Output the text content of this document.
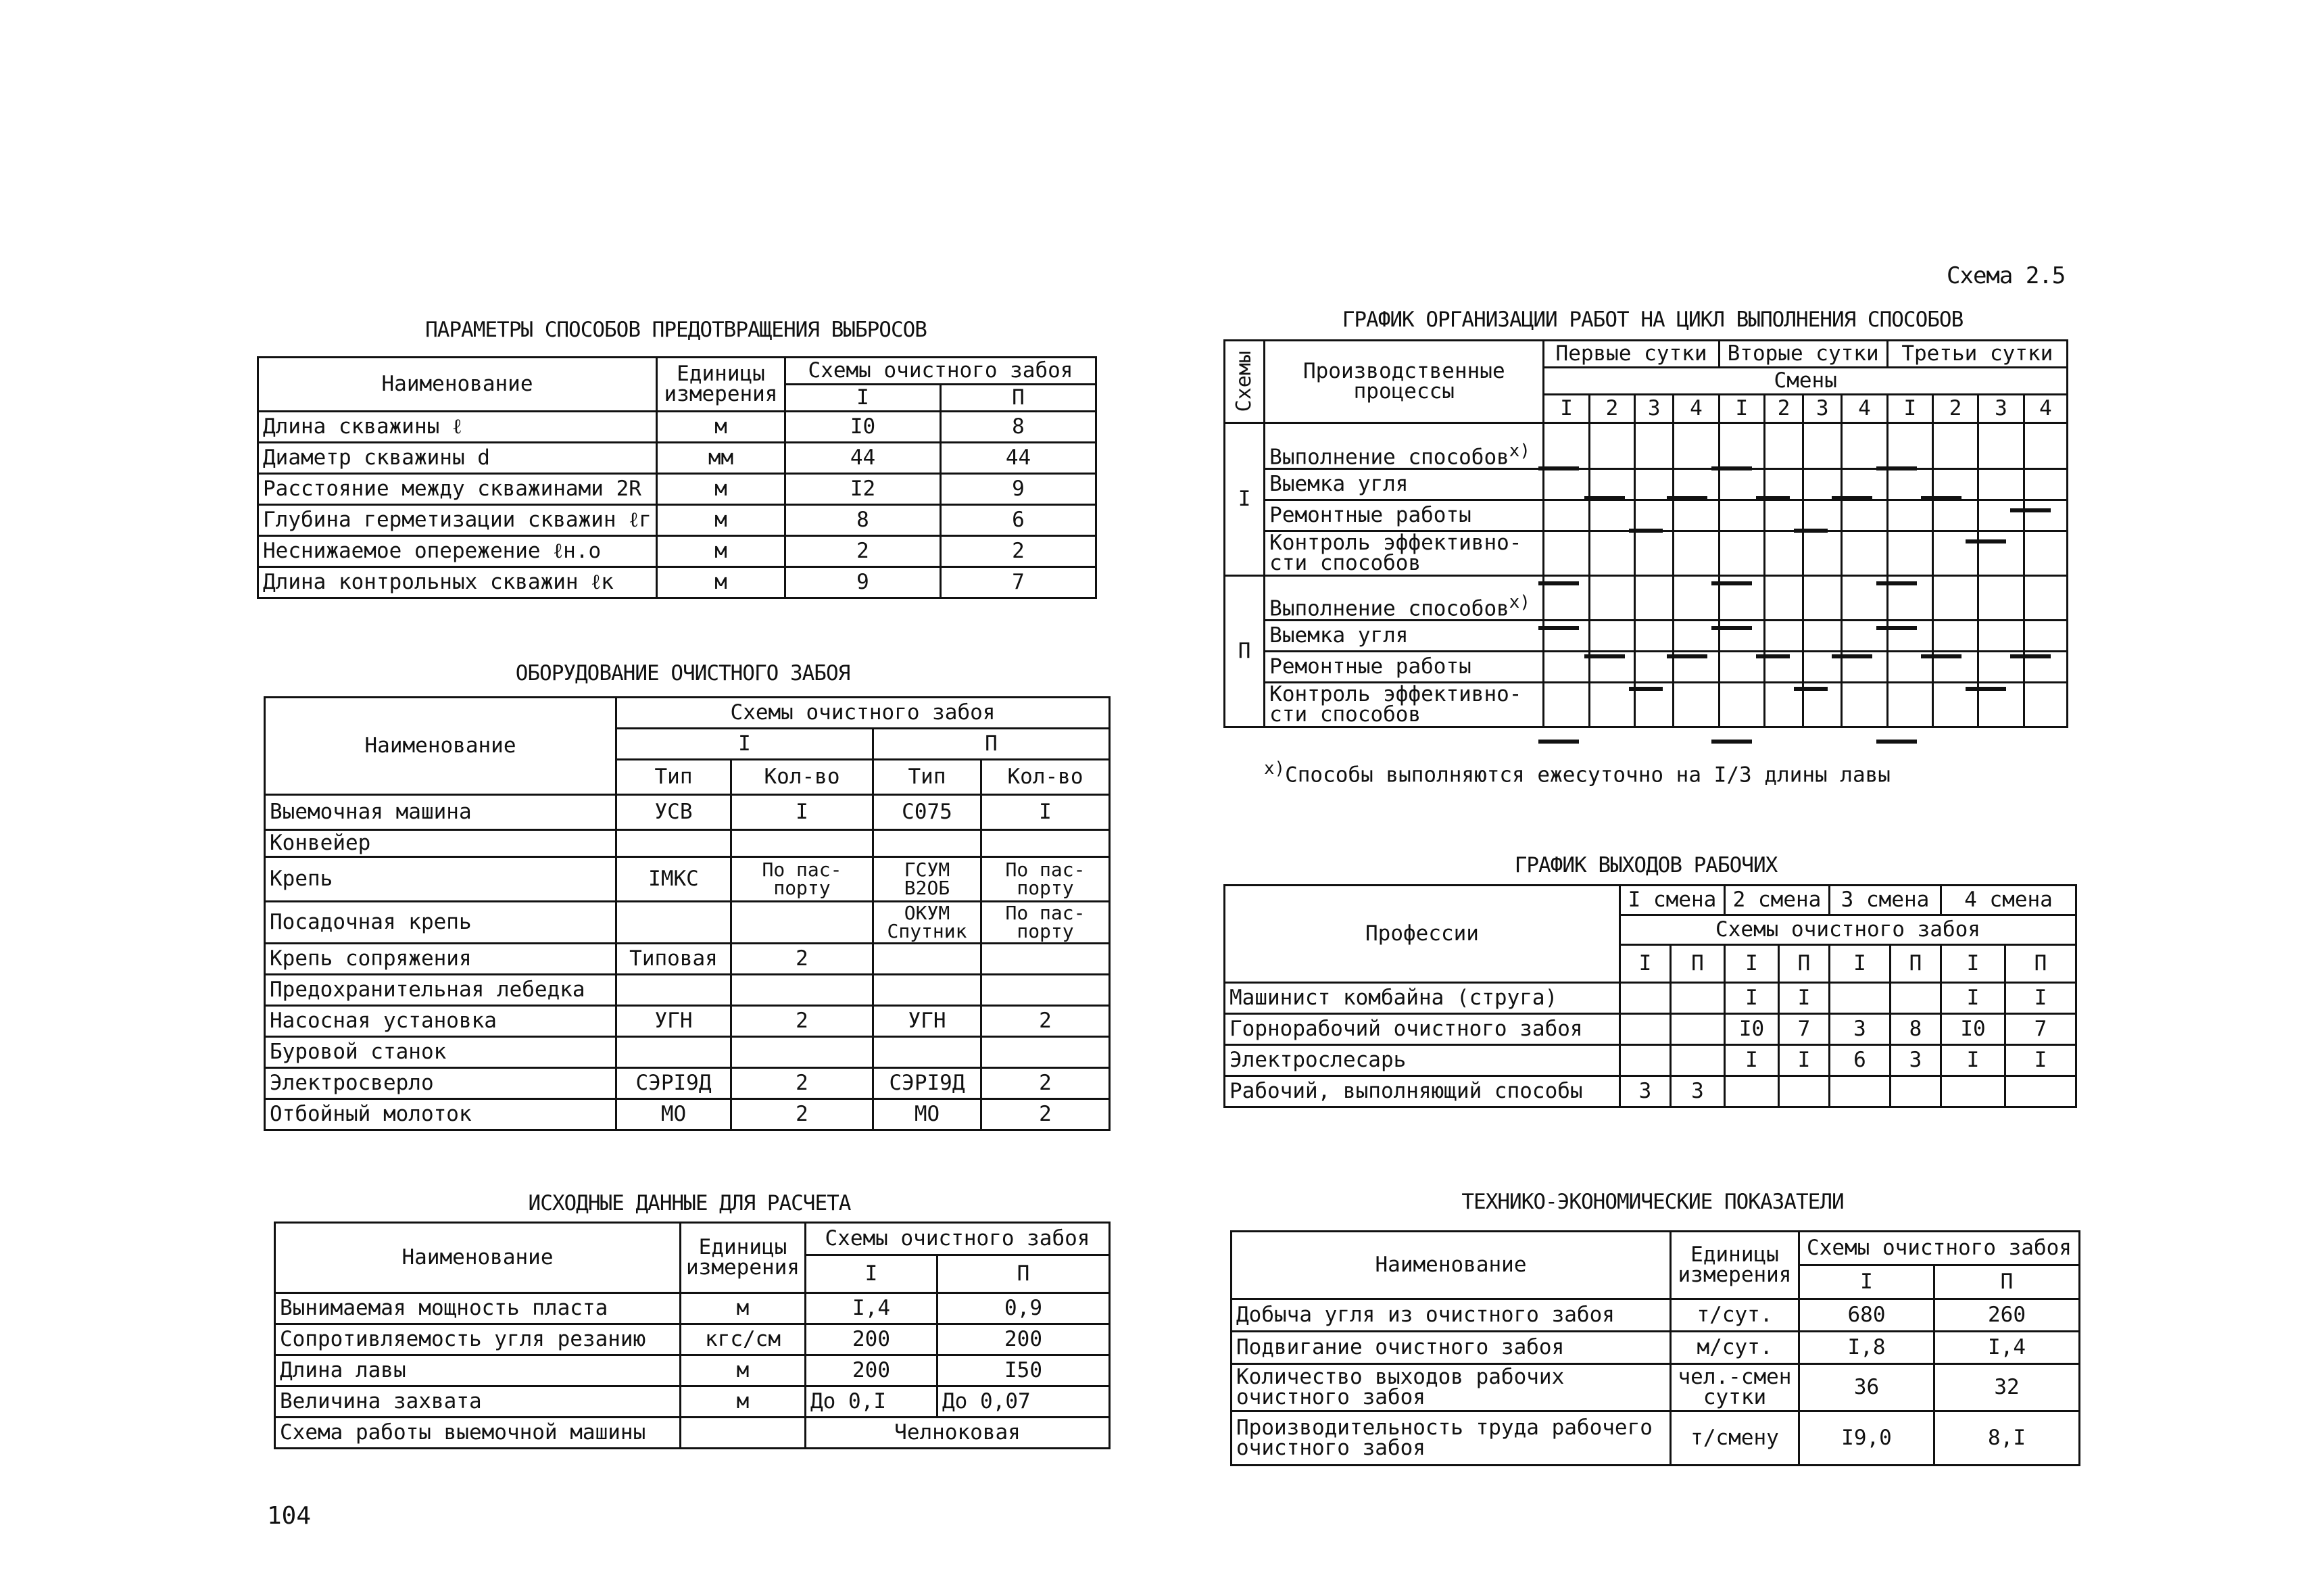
Схема 2.5
ПАРАМЕТРЫ СПОСОБОВ ПРЕДОТВРАЩЕНИЯ ВЫБРОСОВ
Наименование	Единицы измерения	Схемы очистного забоя	
		I	П
Длина скважины ℓ	м	I0	8
Диаметр скважины d	мм	44	44
Расстояние между скважинами 2R	м	I2	9
Глубина герметизации скважин ℓг	м	8	6
Неснижаемое опережение ℓн.о	м	2	2
Длина контрольных скважин ℓк	м	9	7
ОБОРУДОВАНИЕ ОЧИСТНОГО ЗАБОЯ
Наименование	Схемы очистного забоя			
	I		П	
	Тип	Кол-во	Тип	Кол-во
Выемочная машина	УСВ	I	С075	I
Конвейер				
Крепь	IМКС	По пас- порту	ГСУМ В2ОБ	По пас- порту
Посадочная крепь			ОКУМ Спутник	По пас- порту
Крепь сопряжения	Типовая	2		
Предохранительная лебедка				
Насосная установка	УГН	2	УГН	2
Буровой станок				
Электросверло	СЭРI9Д	2	СЭРI9Д	2
Отбойный молоток	МО	2	МО	2
ИСХОДНЫЕ ДАННЫЕ ДЛЯ РАСЧЕТА
Наименование	Единицы измерения	Схемы очистного забоя	
		I	П
Вынимаемая мощность пласта	м	I,4	0,9
Сопротивляемость угля резанию	кгс/см	200	200
Длина лавы	м	200	I50
Величина захвата	м	До 0,I	До 0,07
Схема работы выемочной машины		Челноковая	
ГРАФИК ОРГАНИЗАЦИИ РАБОТ НА ЦИКЛ ВЫПОЛНЕНИЯ СПОСОБОВ
Схемы	Производственные процессы	Первые сутки				Вторые сутки				Третьи сутки			
		Смены											
		I	2	3	4	I	2	3	4	I	2	3	4
I	Выполнение способов$^{х)}$												
	Выемка угля												
	Ремонтные работы												
	Контроль эффективно- сти способов												
П	Выполнение способов$^{х)}$												
	Выемка угля												
	Ремонтные работы												
	Контроль эффективно- сти способов												
$^{х)}$Способы выполняются ежесуточно на I/3 длины лавы
ГРАФИК ВЫХОДОВ РАБОЧИХ
Профессии	I смена		2 смена		3 смена		4 смена	
	Схемы очистного забоя							
	I	П	I	П	I	П	I	П
Машинист комбайна (струга)			I	I			I	I
Горнорабочий очистного забоя			I0	7	3	8	I0	7
Электрослесарь			I	I	6	3	I	I
Рабочий, выполняющий способы	3	3						
ТЕХНИКО-ЭКОНОМИЧЕСКИЕ ПОКАЗАТЕЛИ
Наименование	Единицы измерения	Схемы очистного забоя	
		I	П
Добыча угля из очистного забоя	т/сут.	680	260
Подвигание очистного забоя	м/сут.	I,8	I,4
Количество выходов рабочих очистного забоя	чел.-смен сутки	36	32
Производительность труда рабочего очистного забоя	т/смену	I9,0	8,I
104
